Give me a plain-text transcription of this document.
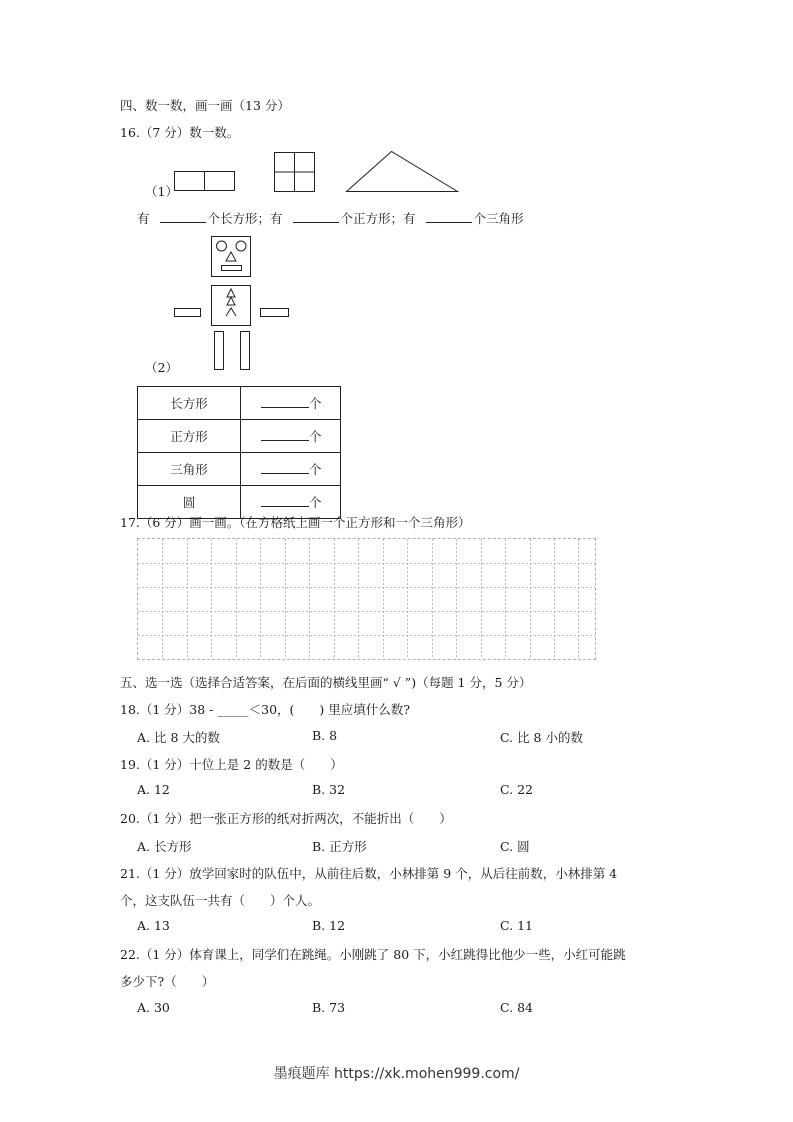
四、数一数，画一画（13 分）
16.（7 分）数一数。
（1）
有	个长方形；有	个正方形；有	个三角形
（2）
长方形	个
正方形	个
三角形	个
圆	个
17.（6 分）画一画。（在方格纸上画一个正方形和一个三角形）
五、选一选（选择合适答案，在后面的横线里画“ √ ”)（每题 1 分，5 分）
18.（1 分）38 - _____＜30，(　　) 里应填什么数?
A. 比 8 大的数	B. 8	C. 比 8 小的数
19.（1 分）十位上是 2 的数是（　　）
A. 12	B. 32	C. 22
20.（1 分）把一张正方形的纸对折两次，不能折出（　　）
A. 长方形	B. 正方形	C. 圆
21.（1 分）放学回家时的队伍中，从前往后数，小林排第 9 个，从后往前数，小林排第 4
个，这支队伍一共有（　　）个人。
A. 13	B. 12	C. 11
22.（1 分）体育课上，同学们在跳绳。小刚跳了 80 下，小红跳得比他少一些，小红可能跳
多少下?（　　）
A. 30	B. 73	C. 84
墨痕题库 https://xk.mohen999.com/
